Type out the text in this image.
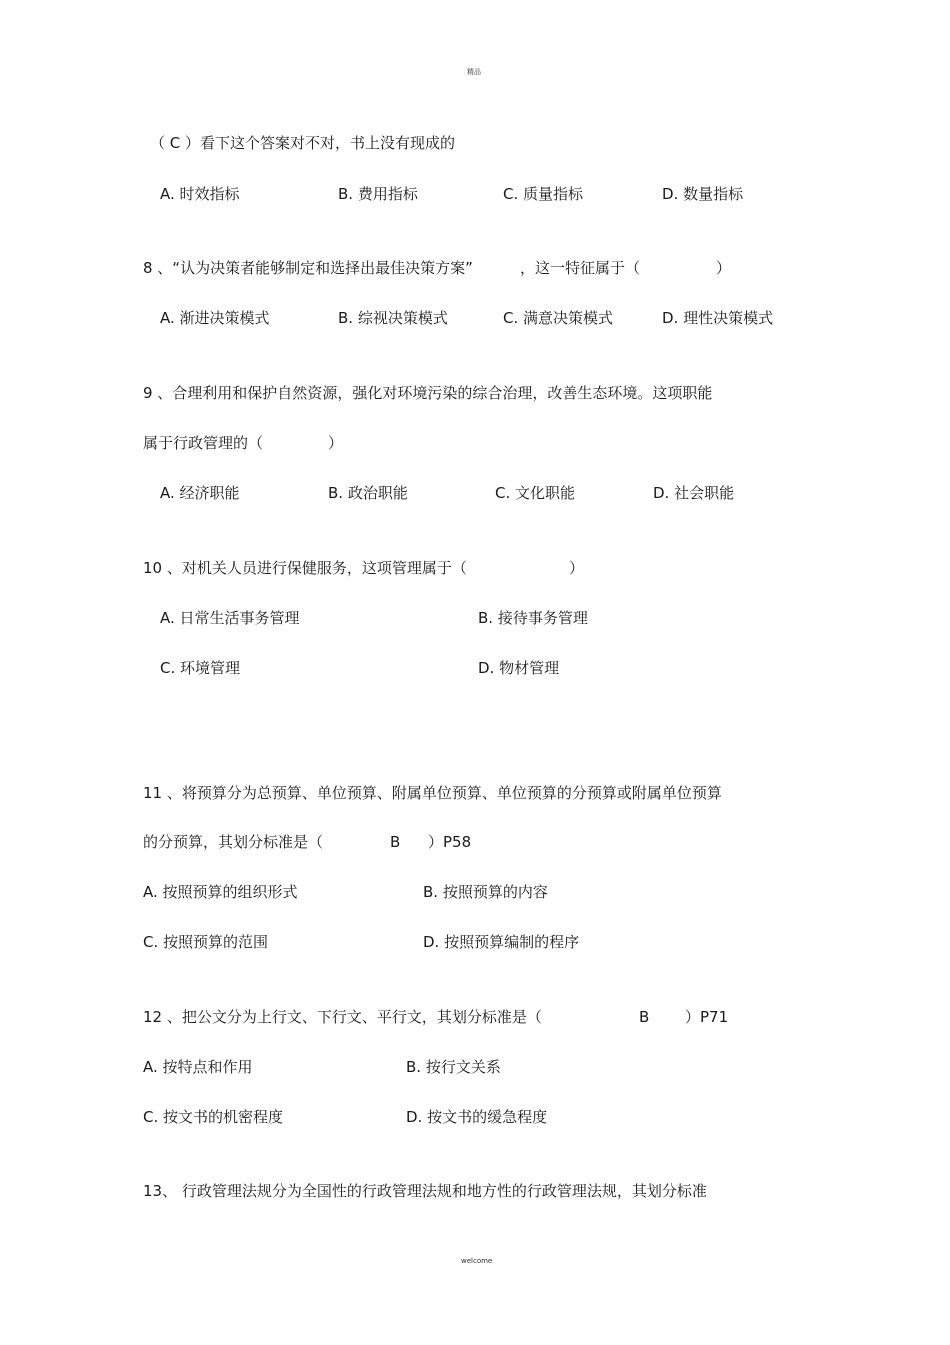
精品
（ C ）看下这个答案对不对，书上没有现成的
A. 时效指标	B. 费用指标	C. 质量指标	D. 数量指标
8 、“认为决策者能够制定和选择出最佳决策方案”	，这一特征属于（	）
A. 渐进决策模式	B. 综视决策模式	C. 满意决策模式	D. 理性决策模式
9 、合理利用和保护自然资源，强化对环境污染的综合治理，改善生态环境。这项职能
属于行政管理的（	）
A. 经济职能	B. 政治职能	C. 文化职能	D. 社会职能
10 、对机关人员进行保健服务，这项管理属于（	）
A. 日常生活事务管理	B. 接待事务管理
C. 环境管理	D. 物材管理
11 、将预算分为总预算、单位预算、附属单位预算、单位预算的分预算或附属单位预算
的分预算，其划分标准是（	B ）P58
A. 按照预算的组织形式	B. 按照预算的内容
C. 按照预算的范围	D. 按照预算编制的程序
12 、把公文分为上行文、下行文、平行文，其划分标准是（	B ）P71
A. 按特点和作用	B. 按行文关系
C. 按文书的机密程度	D. 按文书的缓急程度
13、 行政管理法规分为全国性的行政管理法规和地方性的行政管理法规，其划分标准
welcome
